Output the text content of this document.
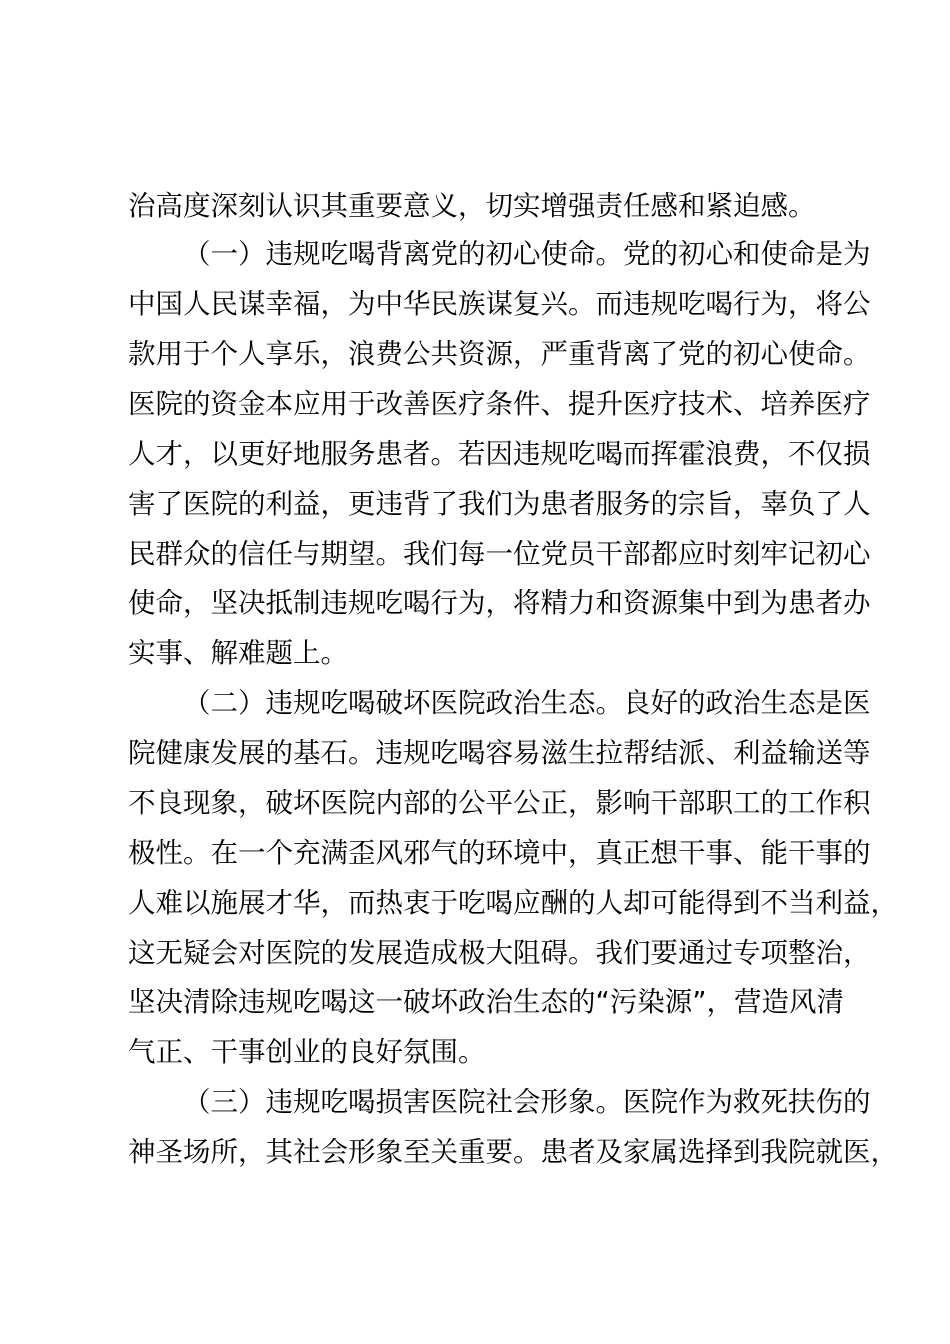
治高度深刻认识其重要意义，切实增强责任感和紧迫感。
（一）违规吃喝背离党的初心使命。党的初心和使命是为
中国人民谋幸福，为中华民族谋复兴。而违规吃喝行为，将公
款用于个人享乐，浪费公共资源，严重背离了党的初心使命。
医院的资金本应用于改善医疗条件、提升医疗技术、培养医疗
人才，以更好地服务患者。若因违规吃喝而挥霍浪费，不仅损
害了医院的利益，更违背了我们为患者服务的宗旨，辜负了人
民群众的信任与期望。我们每一位党员干部都应时刻牢记初心
使命，坚决抵制违规吃喝行为，将精力和资源集中到为患者办
实事、解难题上。
（二）违规吃喝破坏医院政治生态。良好的政治生态是医
院健康发展的基石。违规吃喝容易滋生拉帮结派、利益输送等
不良现象，破坏医院内部的公平公正，影响干部职工的工作积
极性。在一个充满歪风邪气的环境中，真正想干事、能干事的
人难以施展才华，而热衷于吃喝应酬的人却可能得到不当利益，
这无疑会对医院的发展造成极大阻碍。我们要通过专项整治，
坚决清除违规吃喝这一破坏政治生态的“污染源”，营造风清
气正、干事创业的良好氛围。
（三）违规吃喝损害医院社会形象。医院作为救死扶伤的
神圣场所，其社会形象至关重要。患者及家属选择到我院就医，
